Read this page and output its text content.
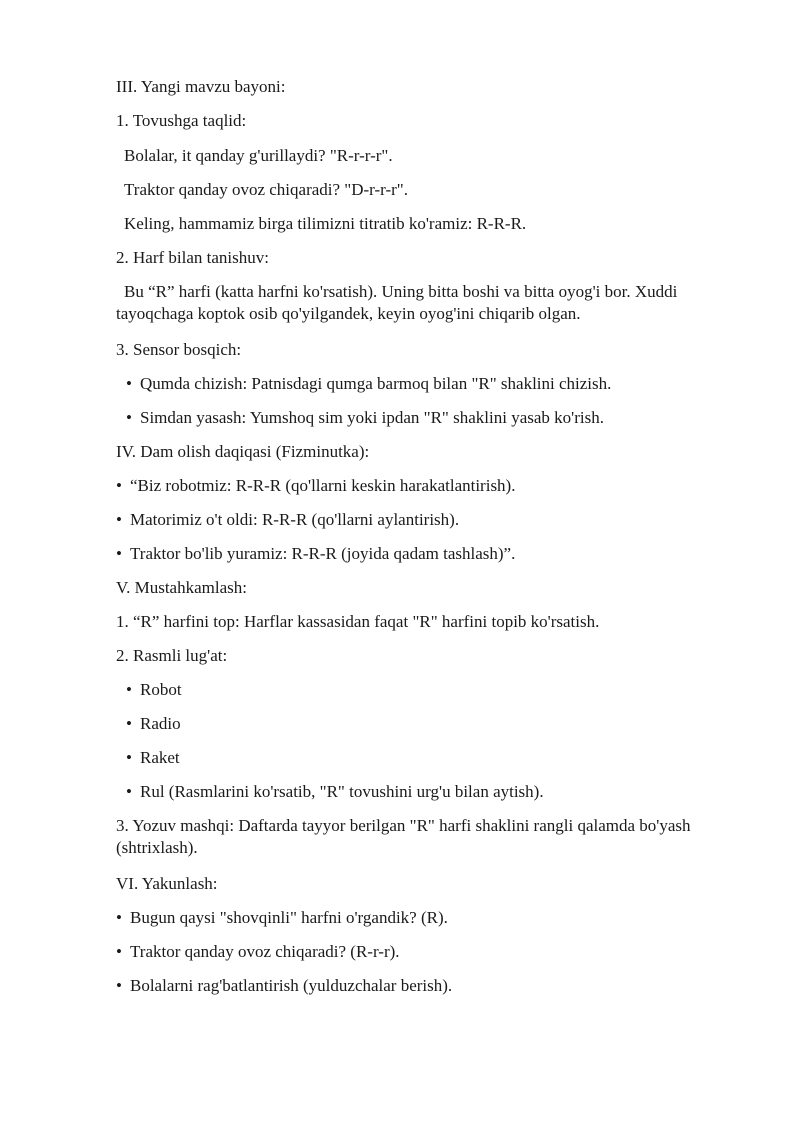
III. Yangi mavzu bayoni:
1. Tovushga taqlid:
Bolalar, it qanday g'urillaydi? "R-r-r-r".
Traktor qanday ovoz chiqaradi? "D-r-r-r".
Keling, hammamiz birga tilimizni titratib ko'ramiz: R-R-R.
2. Harf bilan tanishuv:
Bu “R” harfi (katta harfni ko'rsatish). Uning bitta boshi va bitta oyog'i bor. Xuddi tayoqchaga koptok osib qo'yilgandek, keyin oyog'ini chiqarib olgan.
3. Sensor bosqich:
• Qumda chizish: Patnisdagi qumga barmoq bilan "R" shaklini chizish.
• Simdan yasash: Yumshoq sim yoki ipdan "R" shaklini yasab ko'rish.
IV. Dam olish daqiqasi (Fizminutka):
• “Biz robotmiz: R-R-R (qo'llarni keskin harakatlantirish).
• Matorimiz o't oldi: R-R-R (qo'llarni aylantirish).
• Traktor bo'lib yuramiz: R-R-R (joyida qadam tashlash)”.
V. Mustahkamlash:
1. “R” harfini top: Harflar kassasidan faqat "R" harfini topib ko'rsatish.
2. Rasmli lug'at:
• Robot
• Radio
• Raket
• Rul (Rasmlarini ko'rsatib, "R" tovushini urg'u bilan aytish).
3. Yozuv mashqi: Daftarda tayyor berilgan "R" harfi shaklini rangli qalamda bo'yash (shtrixlash).
VI. Yakunlash:
• Bugun qaysi "shovqinli" harfni o'rgandik? (R).
• Traktor qanday ovoz chiqaradi? (R-r-r).
• Bolalarni rag'batlantirish (yulduzchalar berish).
